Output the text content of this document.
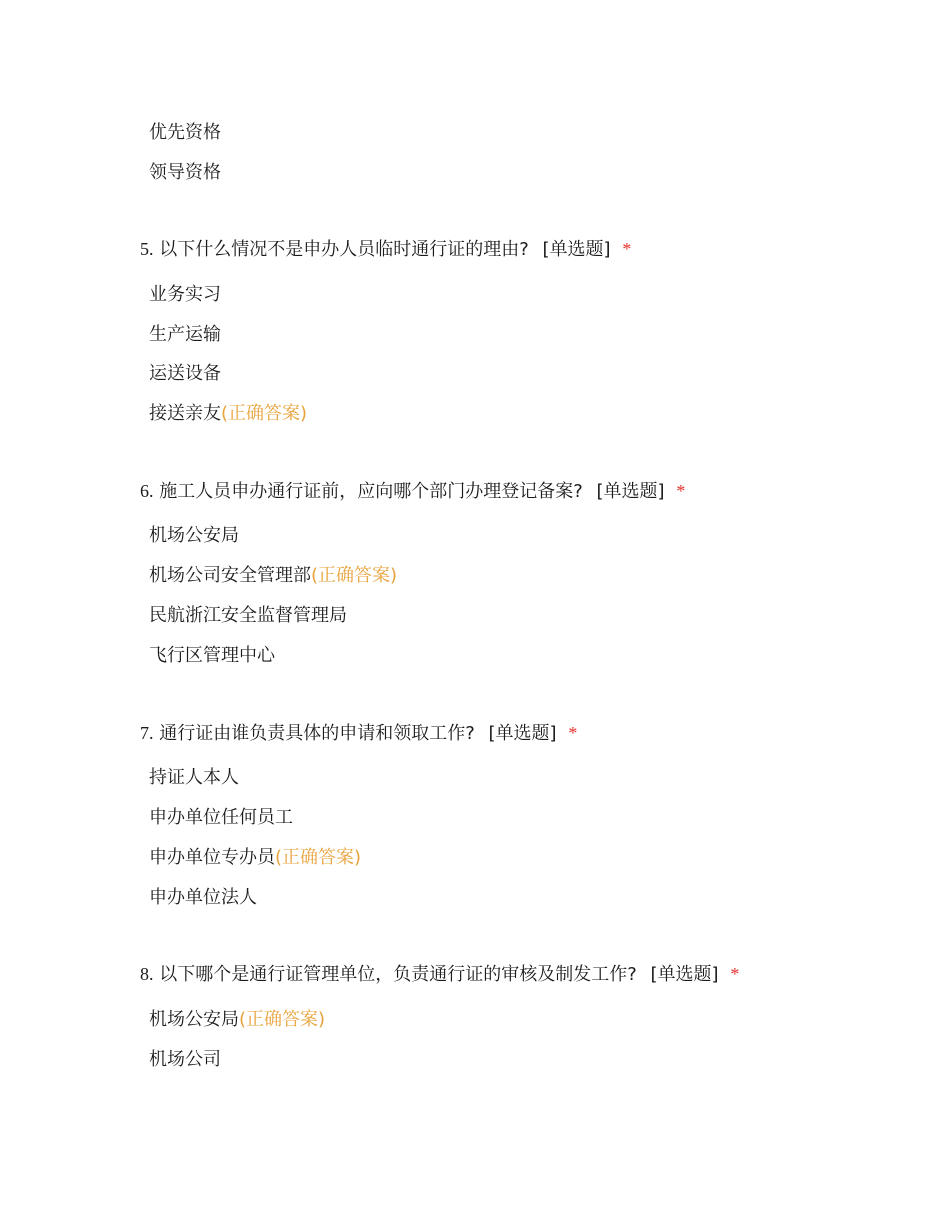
优先资格
领导资格
5. 以下什么情况不是申办人员临时通行证的理由? [单选题] *
业务实习
生产运输
运送设备
接送亲友(正确答案)
6. 施工人员申办通行证前，应向哪个部门办理登记备案? [单选题] *
机场公安局
机场公司安全管理部(正确答案)
民航浙江安全监督管理局
飞行区管理中心
7. 通行证由谁负责具体的申请和领取工作? [单选题] *
持证人本人
申办单位任何员工
申办单位专办员(正确答案)
申办单位法人
8. 以下哪个是通行证管理单位，负责通行证的审核及制发工作? [单选题] *
机场公安局(正确答案)
机场公司
